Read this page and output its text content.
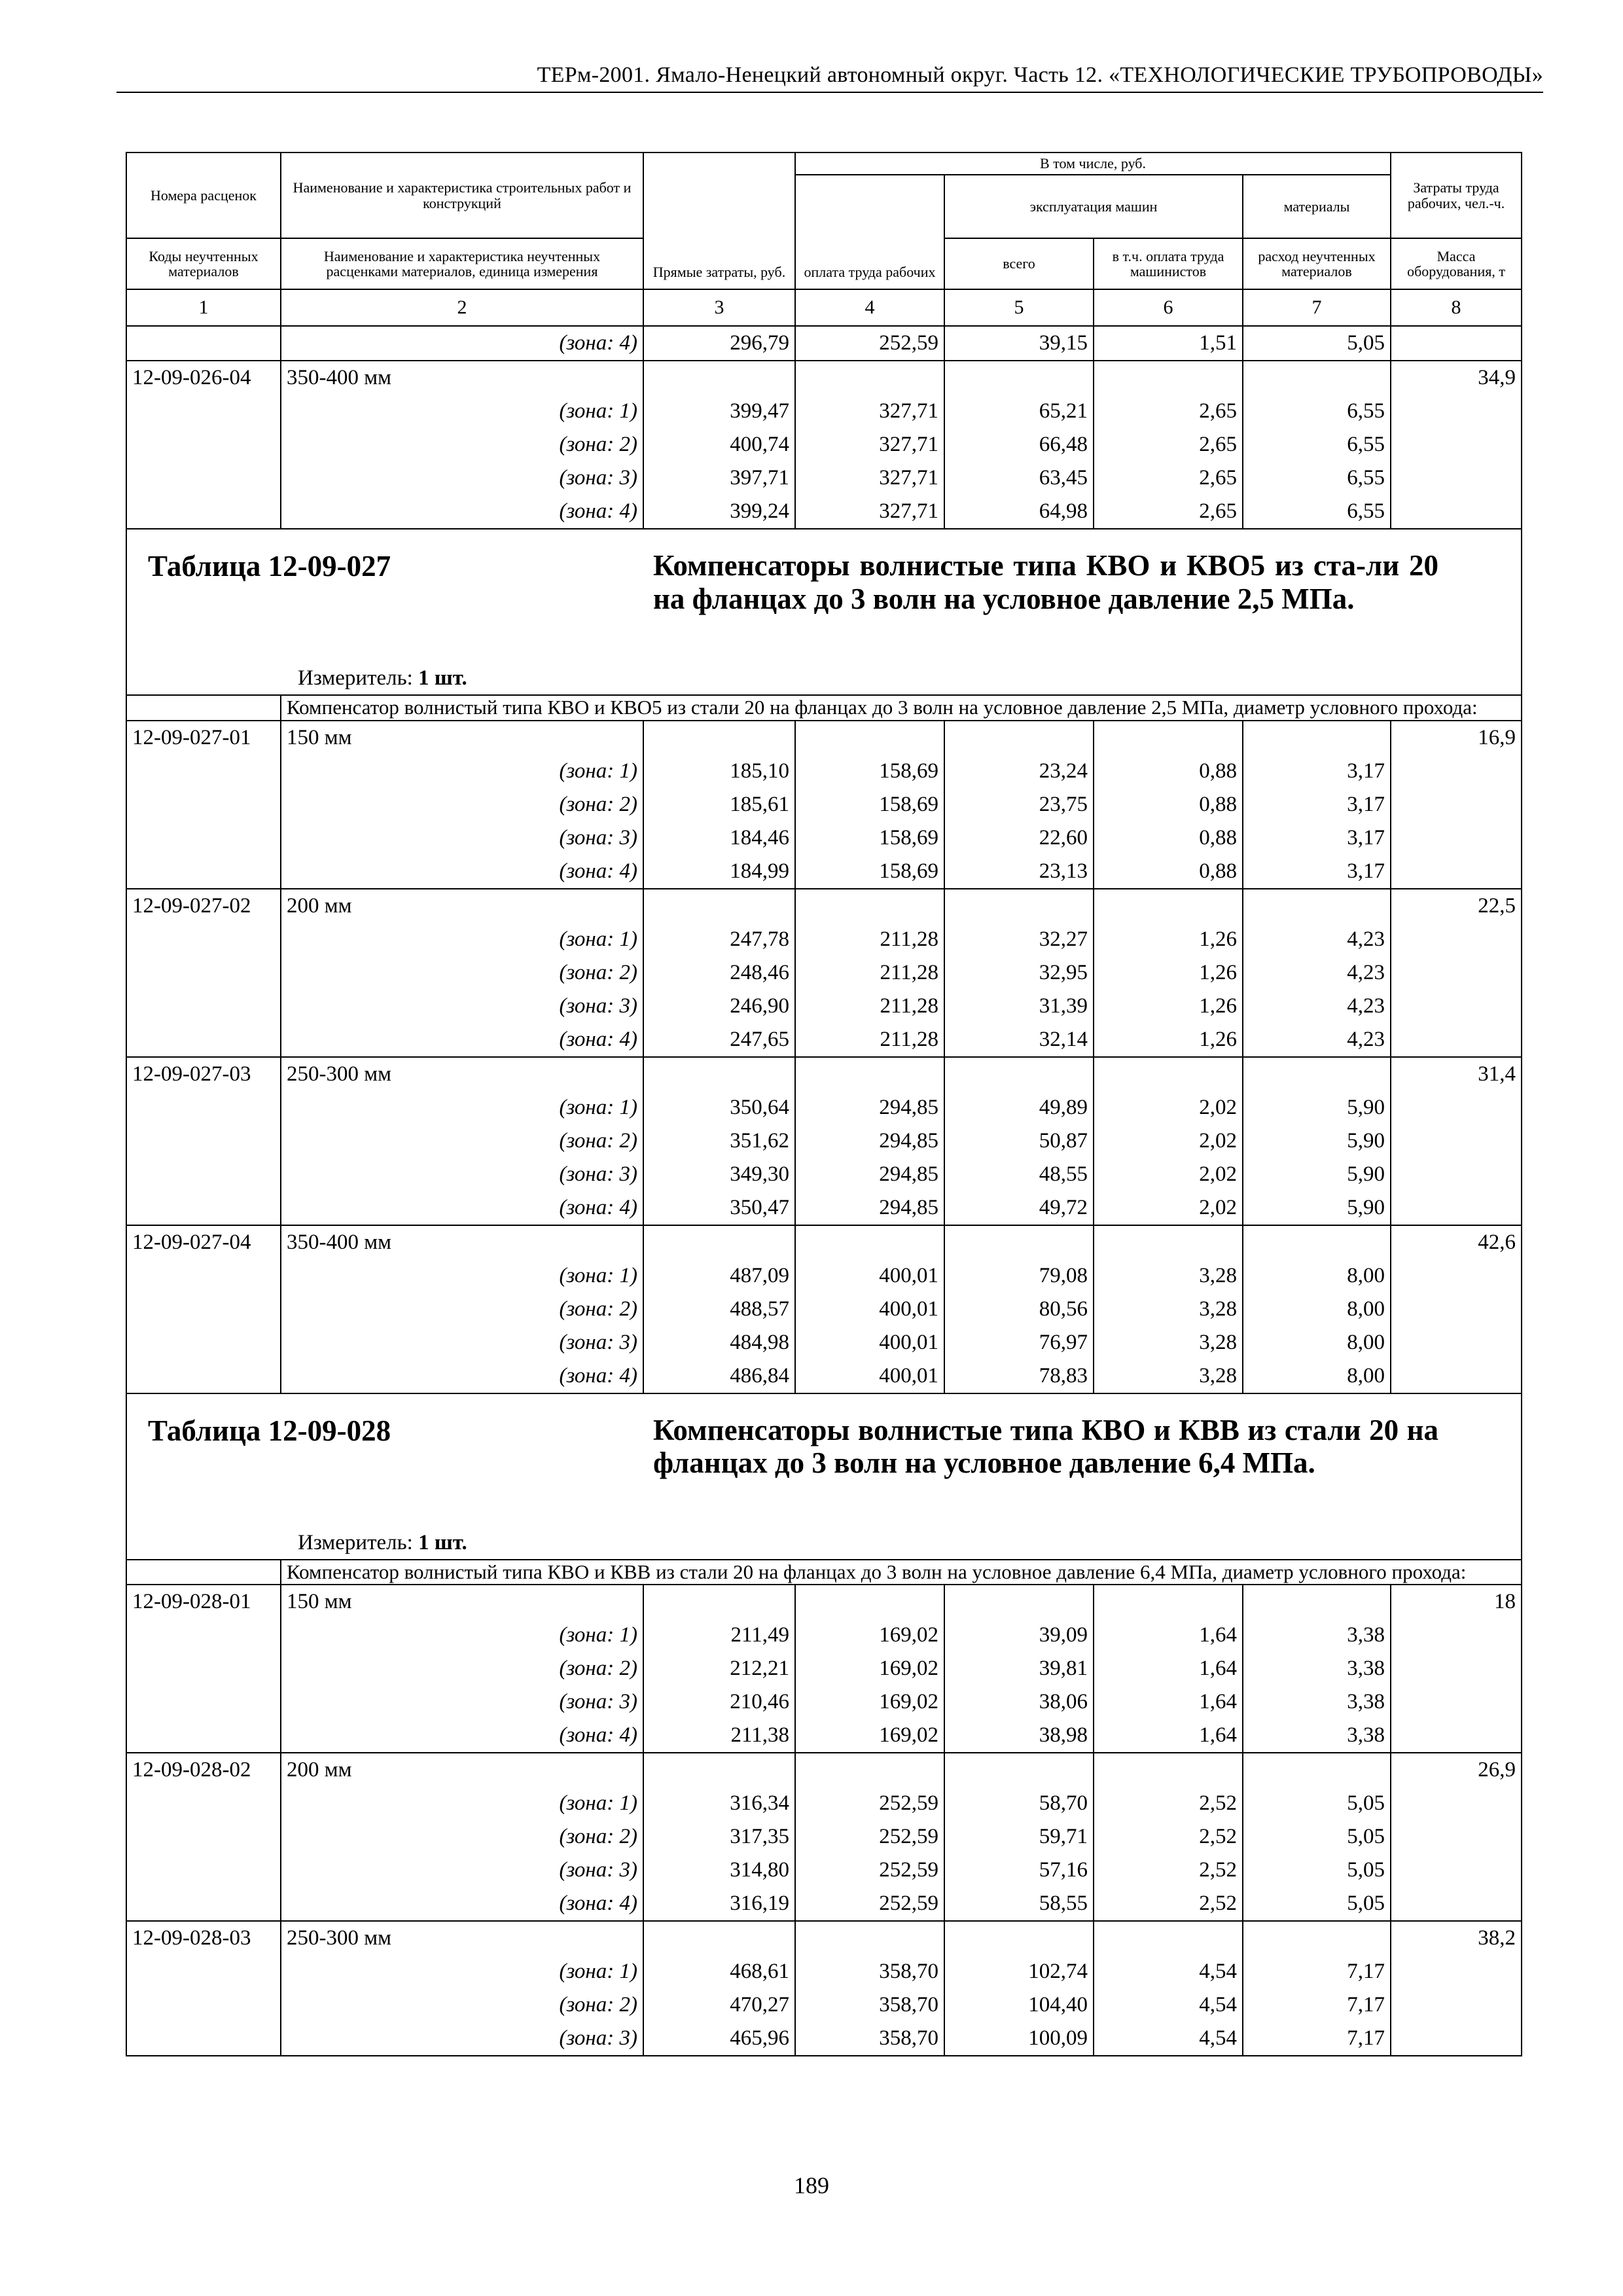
ТЕРм-2001. Ямало-Ненецкий автономный округ. Часть 12. «ТЕХНОЛОГИЧЕСКИЕ ТРУБОПРОВОДЫ»
Номера расценок	Наименование и характеристика строительных работ и конструкций	Прямые затраты, руб.	В том числе, руб.				Затраты труда рабочих, чел.-ч.
			оплата труда рабочих	эксплуатация машин		материалы	
Коды неучтенных материалов	Наименование и характеристика неучтенных расценками материалов, единица измерения			всего	в т.ч. оплата труда машинистов	расход неучтенных материалов	Масса оборудования, т
1	2	3	4	5	6	7	8
	(зона: 4)	296,79	252,59	39,15	1,51	5,05	
12-09-026-04	350-400 мм						34,9
	(зона: 1)	399,47	327,71	65,21	2,65	6,55	
	(зона: 2)	400,74	327,71	66,48	2,65	6,55	
	(зона: 3)	397,71	327,71	63,45	2,65	6,55	
	(зона: 4)	399,24	327,71	64,98	2,65	6,55	

Таблица 12-09-027 Компенсаторы волнистые типа КВО и КВО5 из ста-ли 20 на фланцах до 3 волн на условное давление 2,5 МПа.
Измеритель: 1 шт.							

	Компенсатор волнистый типа КВО и КВО5 из стали 20 на фланцах до 3 волн на условное давление 2,5 МПа, диаметр условного прохода:						
12-09-027-01	150 мм						16,9
	(зона: 1)	185,10	158,69	23,24	0,88	3,17	
	(зона: 2)	185,61	158,69	23,75	0,88	3,17	
	(зона: 3)	184,46	158,69	22,60	0,88	3,17	
	(зона: 4)	184,99	158,69	23,13	0,88	3,17	
12-09-027-02	200 мм						22,5
	(зона: 1)	247,78	211,28	32,27	1,26	4,23	
	(зона: 2)	248,46	211,28	32,95	1,26	4,23	
	(зона: 3)	246,90	211,28	31,39	1,26	4,23	
	(зона: 4)	247,65	211,28	32,14	1,26	4,23	
12-09-027-03	250-300 мм						31,4
	(зона: 1)	350,64	294,85	49,89	2,02	5,90	
	(зона: 2)	351,62	294,85	50,87	2,02	5,90	
	(зона: 3)	349,30	294,85	48,55	2,02	5,90	
	(зона: 4)	350,47	294,85	49,72	2,02	5,90	
12-09-027-04	350-400 мм						42,6
	(зона: 1)	487,09	400,01	79,08	3,28	8,00	
	(зона: 2)	488,57	400,01	80,56	3,28	8,00	
	(зона: 3)	484,98	400,01	76,97	3,28	8,00	
	(зона: 4)	486,84	400,01	78,83	3,28	8,00	

Таблица 12-09-028 Компенсаторы волнистые типа КВО и КВВ из стали 20 на фланцах до 3 волн на условное давление 6,4 МПа.
Измеритель: 1 шт.							

	Компенсатор волнистый типа КВО и КВВ из стали 20 на фланцах до 3 волн на условное давление 6,4 МПа, диаметр условного прохода:						
12-09-028-01	150 мм						18
	(зона: 1)	211,49	169,02	39,09	1,64	3,38	
	(зона: 2)	212,21	169,02	39,81	1,64	3,38	
	(зона: 3)	210,46	169,02	38,06	1,64	3,38	
	(зона: 4)	211,38	169,02	38,98	1,64	3,38	
12-09-028-02	200 мм						26,9
	(зона: 1)	316,34	252,59	58,70	2,52	5,05	
	(зона: 2)	317,35	252,59	59,71	2,52	5,05	
	(зона: 3)	314,80	252,59	57,16	2,52	5,05	
	(зона: 4)	316,19	252,59	58,55	2,52	5,05	
12-09-028-03	250-300 мм						38,2
	(зона: 1)	468,61	358,70	102,74	4,54	7,17	
	(зона: 2)	470,27	358,70	104,40	4,54	7,17	
	(зона: 3)	465,96	358,70	100,09	4,54	7,17	
189
